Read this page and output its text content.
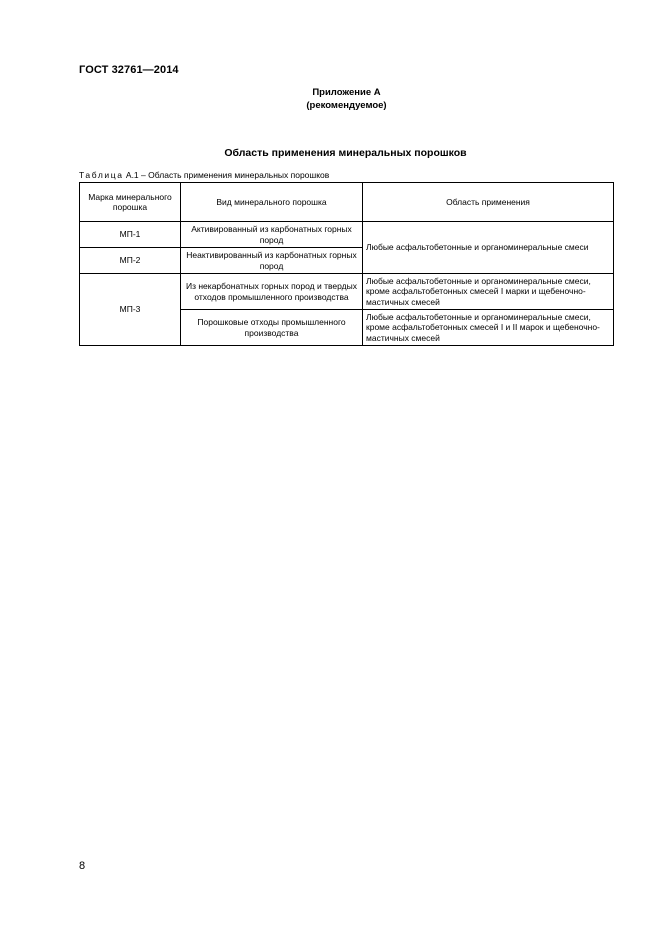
ГОСТ 32761—2014
Приложение А
(рекомендуемое)
Область применения минеральных порошков
Таблица А.1 – Область применения минеральных порошков
Марка минерального порошка	Вид минерального порошка	Область применения
МП-1	Активированный из карбонатных горных пород	Любые асфальтобетонные и органоминеральные смеси
МП-2	Неактивированный из карбонатных горных пород	
МП-3	Из некарбонатных горных пород и твердых отходов промышленного производства	Любые асфальтобетонные и органоминеральные смеси, кроме асфальтобетонных смесей I марки и щебеночно-мастичных смесей
	Порошковые отходы промышленного производства	Любые асфальтобетонные и органоминеральные смеси, кроме асфальтобетонных смесей I и II марок и щебеночно-мастичных смесей
8
